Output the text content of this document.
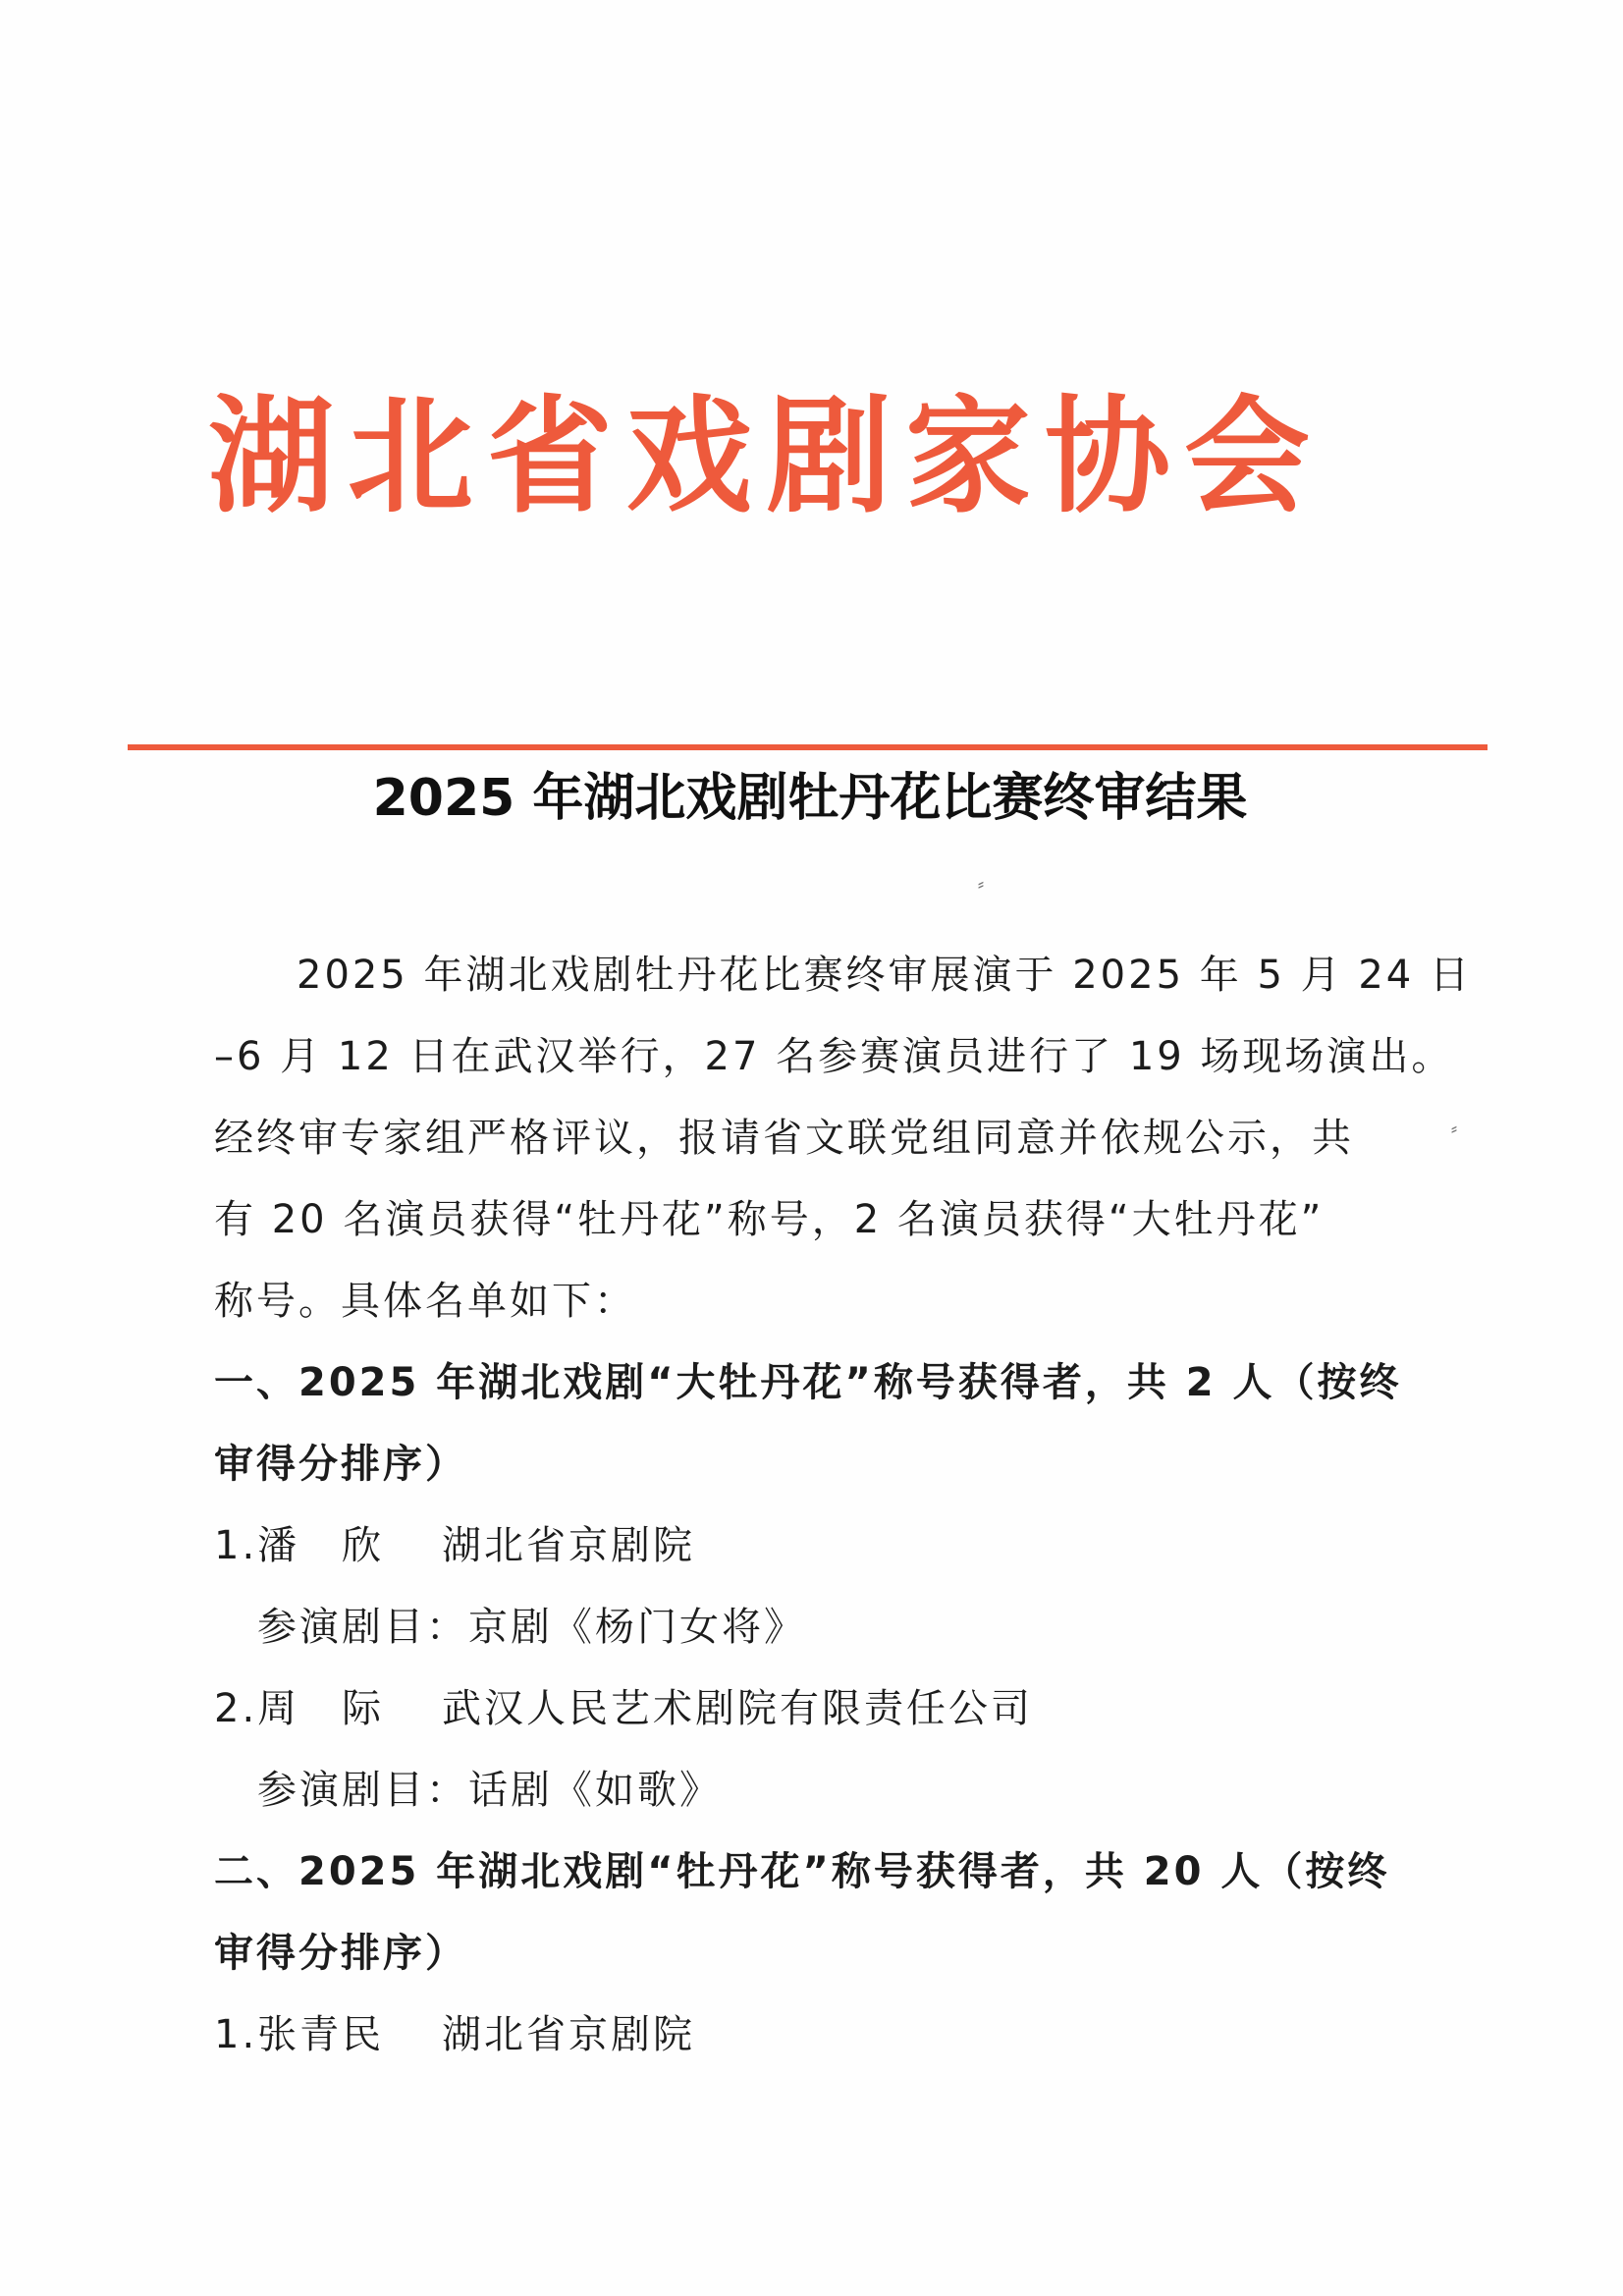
湖北省戏剧家协会
2025 年湖北戏剧牡丹花比赛终审结果
⸗
⸗
2025 年湖北戏剧牡丹花比赛终审展演于 2025 年 5 月 24 日
–6 月 12 日在武汉举行，27 名参赛演员进行了 19 场现场演出。
经终审专家组严格评议，报请省文联党组同意并依规公示，共
有 20 名演员获得“牡丹花”称号，2 名演员获得“大牡丹花”
称号。具体名单如下：
一、2025 年湖北戏剧“大牡丹花”称号获得者，共 2 人（按终
审得分排序）
1.潘　欣 湖北省京剧院
参演剧目：京剧《杨门女将》
2.周　际 武汉人民艺术剧院有限责任公司
参演剧目：话剧《如歌》
二、2025 年湖北戏剧“牡丹花”称号获得者，共 20 人（按终
审得分排序）
1.张青民 湖北省京剧院
